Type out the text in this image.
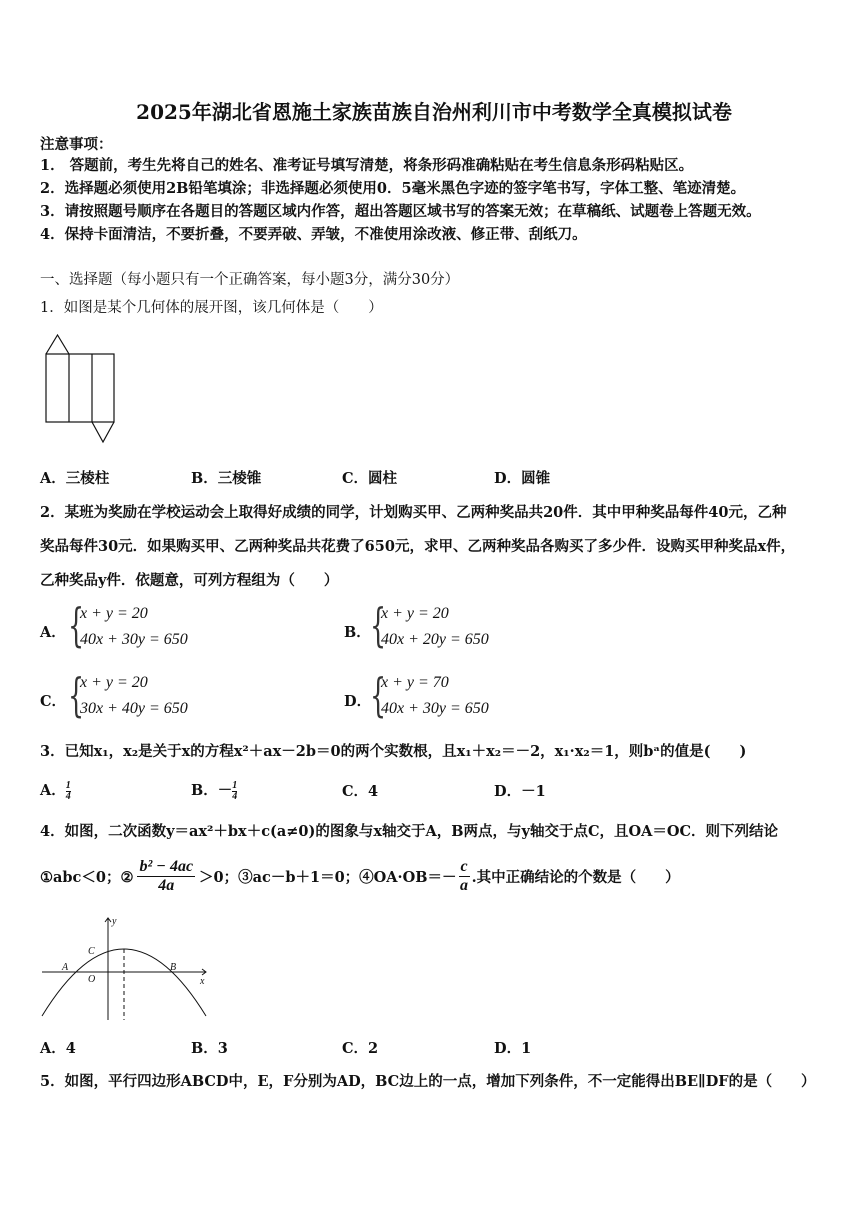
2025年湖北省恩施土家族苗族自治州利川市中考数学全真模拟试卷
注意事项：
1． 答题前，考生先将自己的姓名、准考证号填写清楚，将条形码准确粘贴在考生信息条形码粘贴区。
2．选择题必须使用2B铅笔填涂；非选择题必须使用0．5毫米黑色字迹的签字笔书写，字体工整、笔迹清楚。
3．请按照题号顺序在各题目的答题区域内作答，超出答题区域书写的答案无效；在草稿纸、试题卷上答题无效。
4．保持卡面清洁，不要折叠，不要弄破、弄皱，不准使用涂改液、修正带、刮纸刀。
一、选择题（每小题只有一个正确答案，每小题3分，满分30分）
1．如图是某个几何体的展开图，该几何体是（　　）
A．三棱柱	B．三棱锥	C．圆柱	D．圆锥
2．某班为奖励在学校运动会上取得好成绩的同学，计划购买甲、乙两种奖品共20件．其中甲种奖品每件40元，乙种
奖品每件30元．如果购买甲、乙两种奖品共花费了650元，求甲、乙两种奖品各购买了多少件．设购买甲种奖品x件，
乙种奖品y件．依题意，可列方程组为（　　）
A． {
x + y = 20
40x + 30y = 650	B． {
x + y = 20
40x + 20y = 650
C． {
x + y = 20
30x + 40y = 650	D．
{
x + y = 70
40x + 30y = 650
3．已知x₁，x₂是关于x的方程x²＋ax－2b＝0的两个实数根，且x₁＋x₂＝－2，x₁·x₂＝1，则bᵃ的值是(　　)
A． $\frac{1}{4}$	B．－ $\frac{1}{4}$	C．4	D．－1
4．如图，二次函数y＝ax²＋bx＋c(a≠0)的图象与x轴交于A，B两点，与y轴交于点C，且OA＝OC．则下列结论
①abc＜0；② $\frac{\text{b² − 4ac}}{4a} >0$；③ac－b＋1＝0；④OA·OB＝－ $\frac{c}{a}$ .其中正确结论的个数是（　　）
y
x
A	B
C
O
A．4	B．3	C．2	D．1
5．如图，平行四边形ABCD中，E，F分别为AD，BC边上的一点，增加下列条件，不一定能得出BE∥DF的是（　　）
